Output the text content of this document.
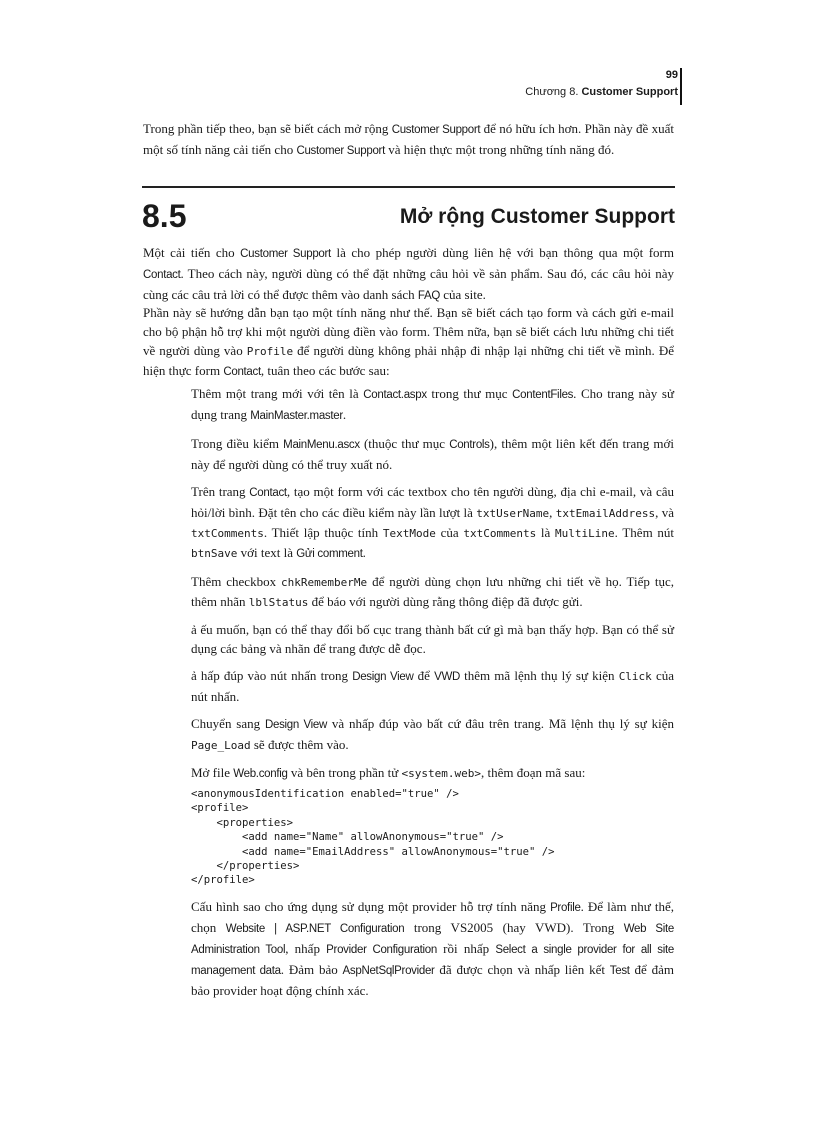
99
Chương 8. Customer Support

Trong phần tiếp theo, bạn sẽ biết cách mở rộng Customer Support để nó hữu ích hơn. Phần này đề xuất một số tính năng cải tiến cho Customer Support và hiện thực một trong những tính năng đó.

8.5	Mở rộng Customer Support

Một cải tiến cho Customer Support là cho phép người dùng liên hệ với bạn thông qua một form Contact. Theo cách này, người dùng có thể đặt những câu hỏi về sản phẩm. Sau đó, các câu hỏi này cùng các câu trả lời có thể được thêm vào danh sách FAQ của site.

Phần này sẽ hướng dẫn bạn tạo một tính năng như thế. Bạn sẽ biết cách tạo form và cách gửi e-mail cho bộ phận hỗ trợ khi một người dùng điền vào form. Thêm nữa, bạn sẽ biết cách lưu những chi tiết về người dùng vào Profile để người dùng không phải nhập đi nhập lại những chi tiết về mình. Để hiện thực form Contact, tuân theo các bước sau:

Thêm một trang mới với tên là Contact.aspx trong thư mục ContentFiles. Cho trang này sử dụng trang MainMaster.master.

Trong điều kiểm MainMenu.ascx (thuộc thư mục Controls), thêm một liên kết đến trang mới này để người dùng có thể truy xuất nó.

Trên trang Contact, tạo một form với các textbox cho tên người dùng, địa chỉ e-mail, và câu hỏi/lời bình. Đặt tên cho các điều kiểm này lần lượt là txtUserName, txtEmailAddress, và txtComments. Thiết lập thuộc tính TextMode của txtComments là MultiLine. Thêm nút btnSave với text là Gửi comment.

Thêm checkbox chkRememberMe để người dùng chọn lưu những chi tiết về họ. Tiếp tục, thêm nhãn lblStatus để báo với người dùng rằng thông điệp đã được gửi.

ả ếu muốn, bạn có thể thay đổi bố cục trang thành bất cứ gì mà bạn thấy hợp. Bạn có thể sử dụng các bảng và nhãn để trang được dễ đọc.

ả hấp đúp vào nút nhấn trong Design View để VWD thêm mã lệnh thụ lý sự kiện Click của nút nhấn.

Chuyển sang Design View và nhấp đúp vào bất cứ đâu trên trang. Mã lệnh thụ lý sự kiện Page_Load sẽ được thêm vào.

Mở file Web.config và bên trong phần tử <system.web>, thêm đoạn mã sau:

<anonymousIdentification enabled="true" />
<profile>
<properties>
<add name="Name" allowAnonymous="true" />
<add name="EmailAddress" allowAnonymous="true" />
</properties>
</profile>

Cấu hình sao cho ứng dụng sử dụng một provider hỗ trợ tính năng Profile. Để làm như thế, chọn Website | ASP.NET Configuration trong VS2005 (hay VWD). Trong Web Site Administration Tool, nhấp Provider Configuration rồi nhấp Select a single provider for all site management data. Đảm bảo AspNetSqlProvider đã được chọn và nhấp liên kết Test để đảm bảo provider hoạt động chính xác.
